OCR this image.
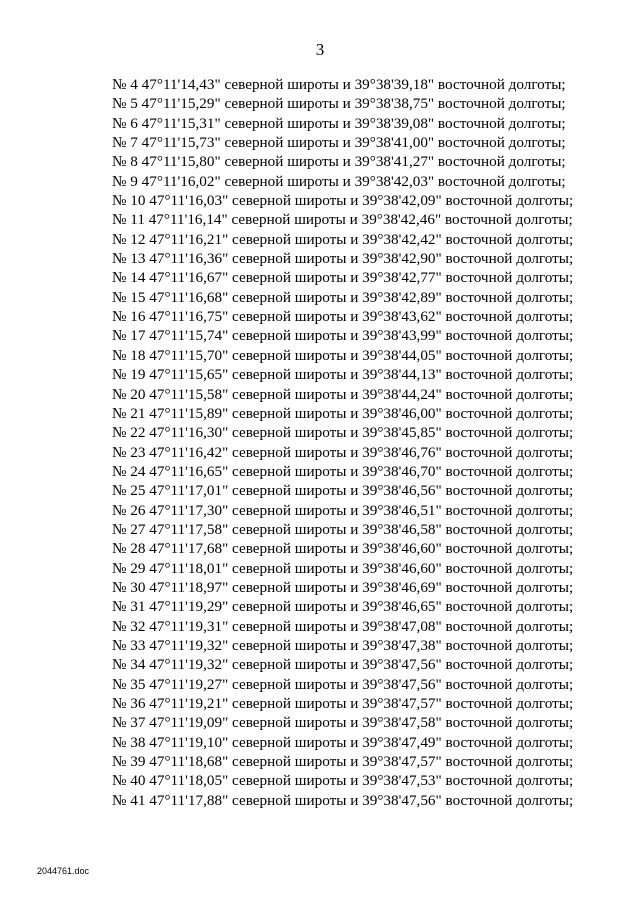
3
№ 4 47°11'14,43" северной широты и 39°38'39,18" восточной долготы;
№ 5 47°11'15,29" северной широты и 39°38'38,75" восточной долготы;
№ 6 47°11'15,31" северной широты и 39°38'39,08" восточной долготы;
№ 7 47°11'15,73" северной широты и 39°38'41,00" восточной долготы;
№ 8 47°11'15,80" северной широты и 39°38'41,27" восточной долготы;
№ 9 47°11'16,02" северной широты и 39°38'42,03" восточной долготы;
№ 10 47°11'16,03" северной широты и 39°38'42,09" восточной долготы;
№ 11 47°11'16,14" северной широты и 39°38'42,46" восточной долготы;
№ 12 47°11'16,21" северной широты и 39°38'42,42" восточной долготы;
№ 13 47°11'16,36" северной широты и 39°38'42,90" восточной долготы;
№ 14 47°11'16,67" северной широты и 39°38'42,77" восточной долготы;
№ 15 47°11'16,68" северной широты и 39°38'42,89" восточной долготы;
№ 16 47°11'16,75" северной широты и 39°38'43,62" восточной долготы;
№ 17 47°11'15,74" северной широты и 39°38'43,99" восточной долготы;
№ 18 47°11'15,70" северной широты и 39°38'44,05" восточной долготы;
№ 19 47°11'15,65" северной широты и 39°38'44,13" восточной долготы;
№ 20 47°11'15,58" северной широты и 39°38'44,24" восточной долготы;
№ 21 47°11'15,89" северной широты и 39°38'46,00" восточной долготы;
№ 22 47°11'16,30" северной широты и 39°38'45,85" восточной долготы;
№ 23 47°11'16,42" северной широты и 39°38'46,76" восточной долготы;
№ 24 47°11'16,65" северной широты и 39°38'46,70" восточной долготы;
№ 25 47°11'17,01" северной широты и 39°38'46,56" восточной долготы;
№ 26 47°11'17,30" северной широты и 39°38'46,51" восточной долготы;
№ 27 47°11'17,58" северной широты и 39°38'46,58" восточной долготы;
№ 28 47°11'17,68" северной широты и 39°38'46,60" восточной долготы;
№ 29 47°11'18,01" северной широты и 39°38'46,60" восточной долготы;
№ 30 47°11'18,97" северной широты и 39°38'46,69" восточной долготы;
№ 31 47°11'19,29" северной широты и 39°38'46,65" восточной долготы;
№ 32 47°11'19,31" северной широты и 39°38'47,08" восточной долготы;
№ 33 47°11'19,32" северной широты и 39°38'47,38" восточной долготы;
№ 34 47°11'19,32" северной широты и 39°38'47,56" восточной долготы;
№ 35 47°11'19,27" северной широты и 39°38'47,56" восточной долготы;
№ 36 47°11'19,21" северной широты и 39°38'47,57" восточной долготы;
№ 37 47°11'19,09" северной широты и 39°38'47,58" восточной долготы;
№ 38 47°11'19,10" северной широты и 39°38'47,49" восточной долготы;
№ 39 47°11'18,68" северной широты и 39°38'47,57" восточной долготы;
№ 40 47°11'18,05" северной широты и 39°38'47,53" восточной долготы;
№ 41 47°11'17,88" северной широты и 39°38'47,56" восточной долготы;
2044761.doc
